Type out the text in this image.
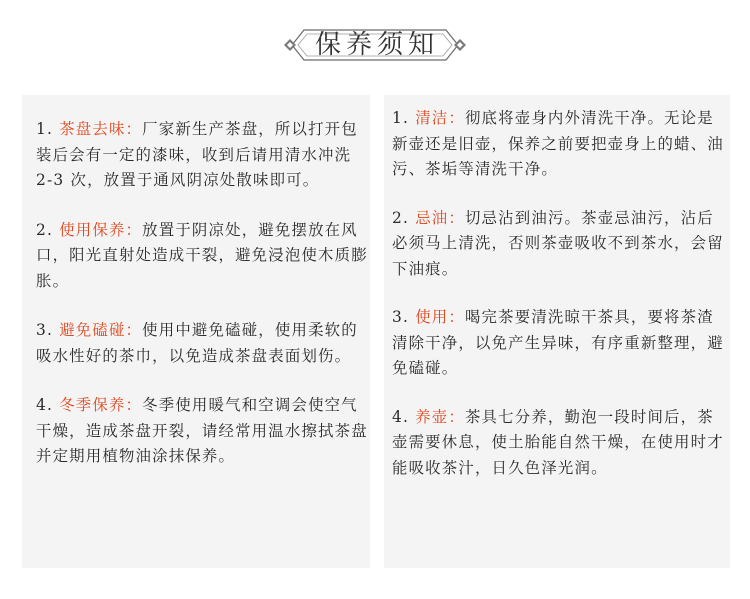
保养须知

1. 茶盘去味：厂家新生产茶盘，所以打开包装后会有一定的漆味，收到后请用清水冲洗 2-3 次，放置于通风阴凉处散味即可。

2. 使用保养：放置于阴凉处，避免摆放在风口，阳光直射处造成干裂，避免浸泡使木质膨胀。

3. 避免磕碰：使用中避免磕碰，使用柔软的吸水性好的茶巾，以免造成茶盘表面划伤。

4. 冬季保养：冬季使用暖气和空调会使空气干燥，造成茶盘开裂，请经常用温水擦拭茶盘并定期用植物油涂抹保养。

1. 清洁：彻底将壶身内外清洗干净。无论是新壶还是旧壶，保养之前要把壶身上的蜡、油污、茶垢等清洗干净。

2. 忌油：切忌沾到油污。茶壶忌油污，沾后必须马上清洗，否则茶壶吸收不到茶水，会留下油痕。

3. 使用：喝完茶要清洗晾干茶具，要将茶渣清除干净，以免产生异味，有序重新整理，避免磕碰。

4. 养壶：茶具七分养，勤泡一段时间后，茶壶需要休息，使土胎能自然干燥，在使用时才能吸收茶汁，日久色泽光润。
